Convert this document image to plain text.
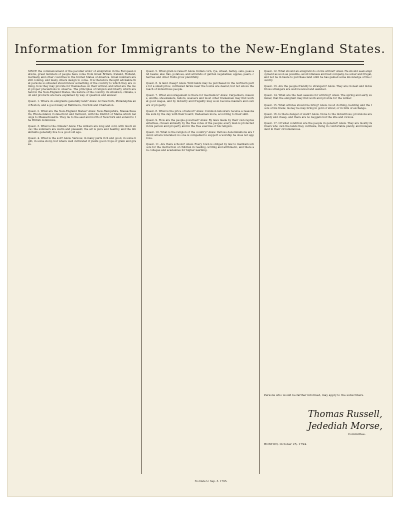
Information for Immigrants to the New-England States.
SINCE the commencement of the peculiar ardor of emigration in the European nations, great numbers of people have come from Great Britain, Ireland, Holland, Germany and other countries to the United States of America. Great numbers are still coming, and many others design to come. It is therefore thought advisable that persons so situated should know something of the country to which they are coming, how they may provide for themselves on their arrival, and what are the most proper precautions to observe. The principles of religion and liberty which are held in the New-England States, the nature of the country, its situation, climate, soil and products are here explained by way of question and answer.

Quest. 1. Where do emigrants generally land? Answ. At New-York, Philadelphia and Boston, and a good many at Baltimore, Norfolk and Charleston.

Quest. 2. What are the New-England States? Answ. New-Hampshire, Massachusetts, Rhode-Island, Connecticut and Vermont, with the District of Maine which belongs to Massachusetts. They lie to the east and north of New-York and extend to the British dominions.

Quest. 3. What is the climate? Answ. The winters are long and cold, with much snow; the summers are warm and pleasant; the air is pure and healthy, and the inhabitants generally live to a good old age.

Quest. 4. What is the soil? Answ. Various; in many parts rich and good, in some light, in some stony, but where well cultivated it yields good crops of grain and grass.
Quest. 5. What grain is raised? Answ. Indian corn, rye, wheat, barley, oats, peas and beans; also flax, potatoes, and all kinds of garden vegetables; apples, pears, cherries and other fruits grow plentifully.

Quest. 6. Is land cheap? Answ. Wild lands may be purchased in the northern parts for a small price; cultivated farms near the towns are dearer, but not above the reach of industrious people.

Quest. 7. What encouragement is there for mechanics? Answ. Carpenters, masons, smiths, shoemakers, tailors, weavers and most other tradesmen may find work at good wages, and by industry and frugality may soon become masters and owners of property.

Quest. 8. What is the price of labour? Answ. Common labourers receive a reasonable sum by the day with their board; tradesmen more, according to their skill.

Quest. 9. How are the people governed? Answ. By laws made by their own representatives, chosen annually by the free votes of the people; every man is protected in his person and property and in the free exercise of his religion.

Quest. 10. What is the religion of the country? Answ. Various denominations are found; all are tolerated; no one is compelled to support a worship he does not approve.

Quest. 11. Are there schools? Answ. Every town is obliged by law to maintain schools for the instruction of children in reading, writing and arithmetic, and there are colleges and academies for higher learning.
Quest. 12. What should an emigrant do on his arrival? Answ. He should seek employment as soon as possible, avoid idleness and bad company, be sober and frugal, and not be in haste to purchase land until he has gained some knowledge of the country.

Quest. 13. Are the people friendly to strangers? Answ. They are; honest and industrious strangers are well received and assisted.

Quest. 14. What are the best seasons for arriving? Answ. The spring and early summer, that the emigrant may find work and provide for the winter.

Quest. 15. What articles should he bring? Answ. Good clothing, bedding and the tools of his trade; money he may bring in gold or silver, or in bills of exchange.

Quest. 16. Is there danger of want? Answ. None to the industrious; provisions are plenty and cheap, and there are no beggars but the idle and vicious.

Quest. 17. Of what condition are the people in general? Answ. They are mostly farmers who own the lands they cultivate, living in comfortable plenty, and independent in their circumstances.
Persons who would be farther informed, may apply to the subscribers.
Thomas Russell,
Jedediah Morse,
Committee.
BOSTON, October 25, 1794.
No Date U. Sep. 3. 1795.
